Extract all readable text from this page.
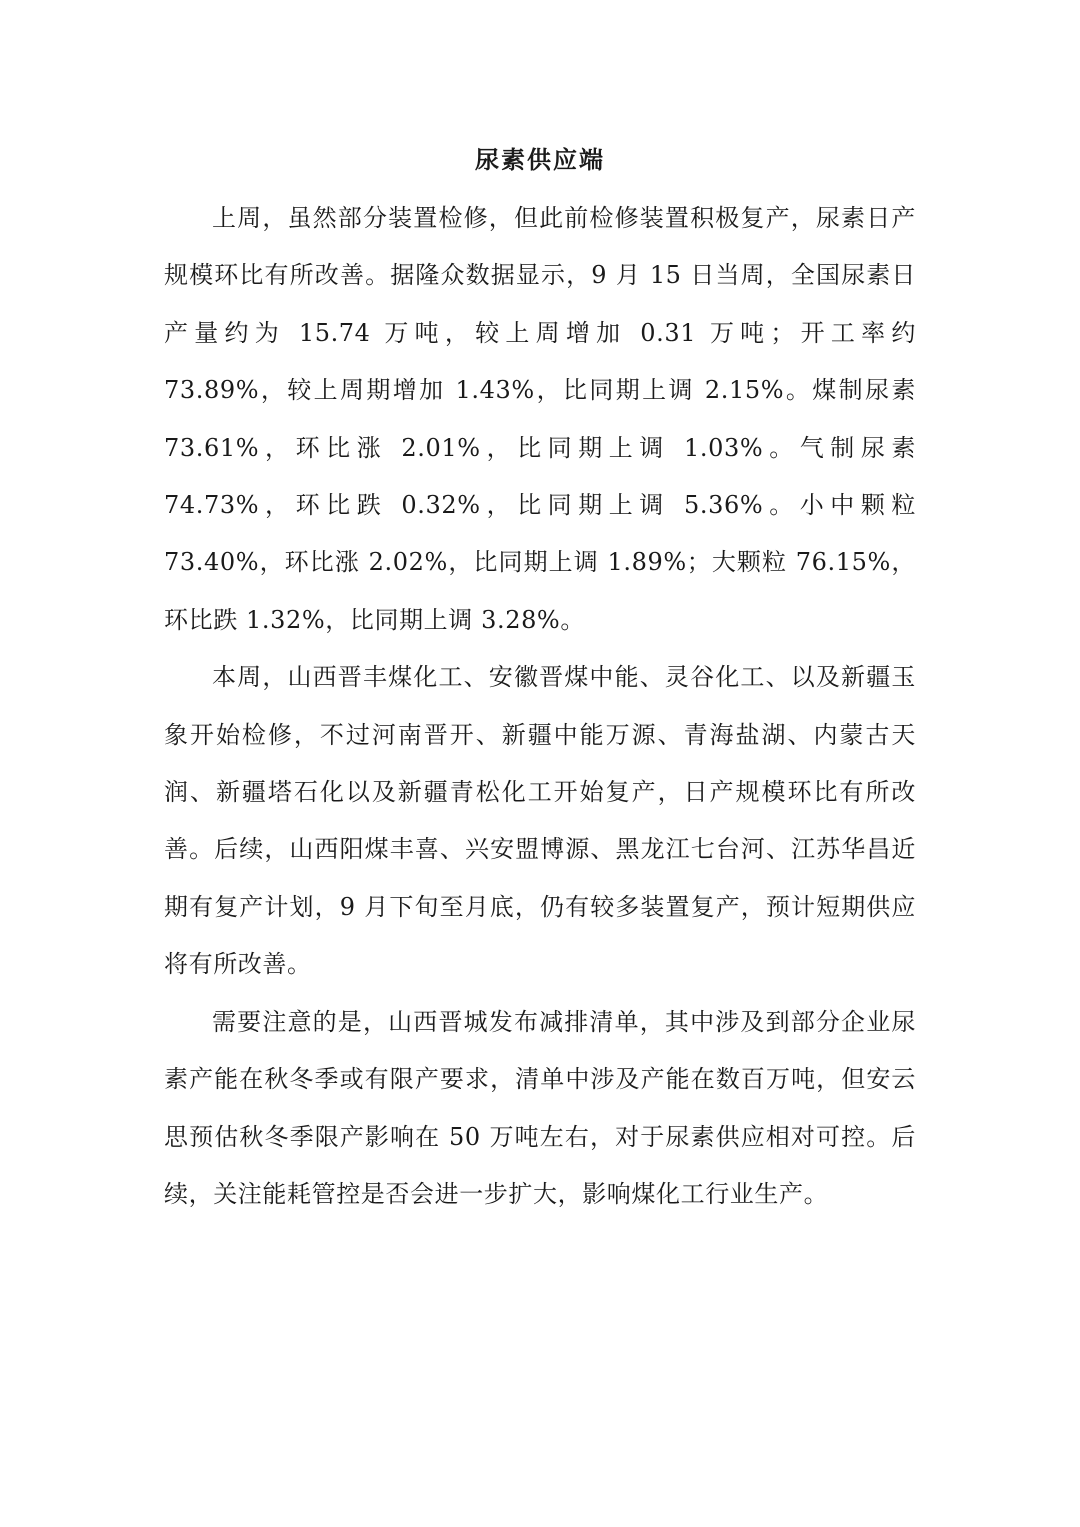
尿素供应端

上周，虽然部分装置检修，但此前检修装置积极复产，尿素日产规模环比有所改善。据隆众数据显示，9 月 15 日当周，全国尿素日产量约为 15.74 万吨，较上周增加 0.31 万吨；开工率约 73.89%，较上周期增加 1.43%，比同期上调 2.15%。煤制尿素 73.61%，环比涨 2.01%，比同期上调 1.03%。气制尿素 74.73%，环比跌 0.32%，比同期上调 5.36%。小中颗粒 73.40%，环比涨 2.02%，比同期上调 1.89%；大颗粒 76.15%，环比跌 1.32%，比同期上调 3.28%。

本周，山西晋丰煤化工、安徽晋煤中能、灵谷化工、以及新疆玉象开始检修，不过河南晋开、新疆中能万源、青海盐湖、内蒙古天润、新疆塔石化以及新疆青松化工开始复产，日产规模环比有所改善。后续，山西阳煤丰喜、兴安盟博源、黑龙江七台河、江苏华昌近期有复产计划，9 月下旬至月底，仍有较多装置复产，预计短期供应将有所改善。

需要注意的是，山西晋城发布减排清单，其中涉及到部分企业尿素产能在秋冬季或有限产要求，清单中涉及产能在数百万吨，但安云思预估秋冬季限产影响在 50 万吨左右，对于尿素供应相对可控。后续，关注能耗管控是否会进一步扩大，影响煤化工行业生产。
